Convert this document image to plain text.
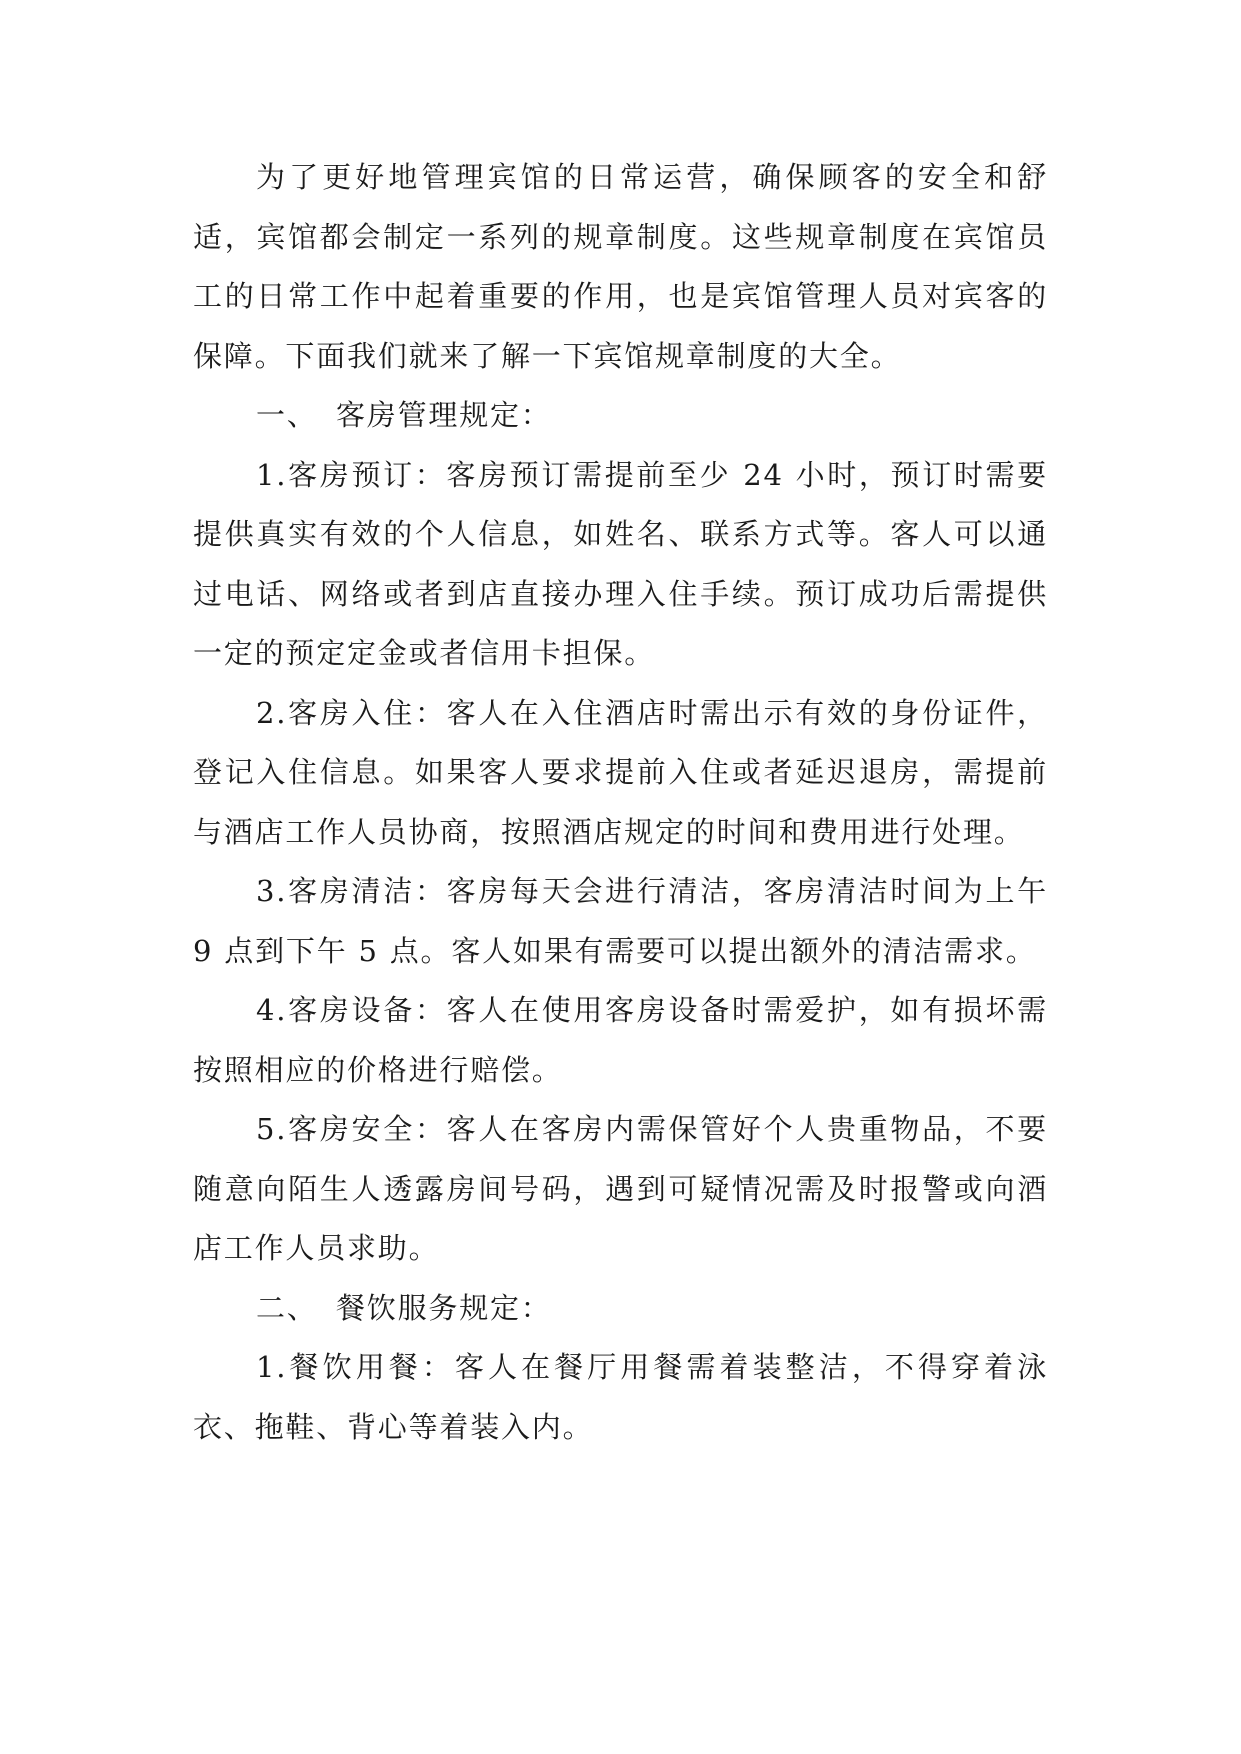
为了更好地管理宾馆的日常运营，确保顾客的安全和舒适，宾馆都会制定一系列的规章制度。这些规章制度在宾馆员工的日常工作中起着重要的作用，也是宾馆管理人员对宾客的保障。下面我们就来了解一下宾馆规章制度的大全。

一、 客房管理规定：

1.客房预订：客房预订需提前至少 24 小时，预订时需要提供真实有效的个人信息，如姓名、联系方式等。客人可以通过电话、网络或者到店直接办理入住手续。预订成功后需提供一定的预定定金或者信用卡担保。

2.客房入住：客人在入住酒店时需出示有效的身份证件，登记入住信息。如果客人要求提前入住或者延迟退房，需提前与酒店工作人员协商，按照酒店规定的时间和费用进行处理。

3.客房清洁：客房每天会进行清洁，客房清洁时间为上午 9 点到下午 5 点。客人如果有需要可以提出额外的清洁需求。

4.客房设备：客人在使用客房设备时需爱护，如有损坏需按照相应的价格进行赔偿。

5.客房安全：客人在客房内需保管好个人贵重物品，不要随意向陌生人透露房间号码，遇到可疑情况需及时报警或向酒店工作人员求助。

二、 餐饮服务规定：

1.餐饮用餐：客人在餐厅用餐需着装整洁，不得穿着泳衣、拖鞋、背心等着装入内。
